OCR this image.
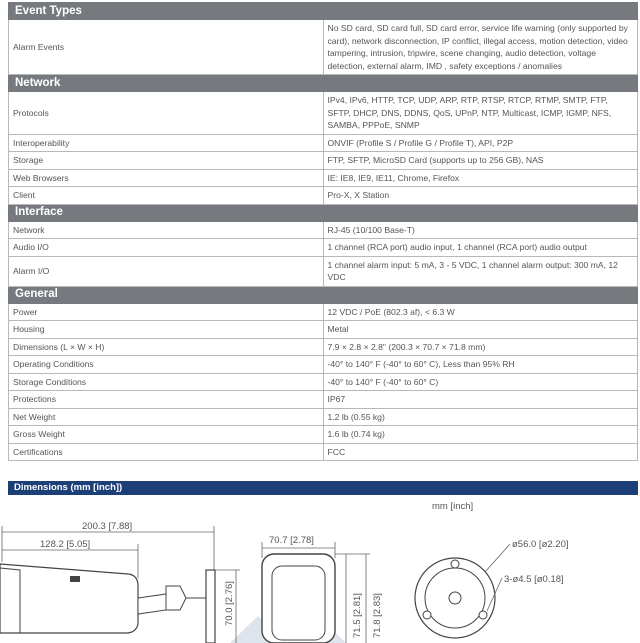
Event Types	
Alarm Events	No SD card, SD card full, SD card error, service life warning (only supported by card), network disconnection, IP conflict, illegal access, motion detection, video tampering, intrusion, tripwire, scene changing, audio detection, voltage detection, external alarm, IMD , safety exceptions / anomalies
Network	
Protocols	IPv4, IPv6, HTTP, TCP, UDP, ARP, RTP, RTSP, RTCP, RTMP, SMTP, FTP, SFTP, DHCP, DNS, DDNS, QoS, UPnP, NTP, Multicast, ICMP, IGMP, NFS, SAMBA, PPPoE, SNMP
Interoperability	ONVIF (Profile S / Profile G / Profile T), API, P2P
Storage	FTP, SFTP, MicroSD Card (supports up to 256 GB), NAS
Web Browsers	IE: IE8, IE9, IE11, Chrome, Firefox
Client	Pro-X, X Station
Interface	
Network	RJ-45 (10/100 Base-T)
Audio I/O	1 channel (RCA port) audio input, 1 channel (RCA port) audio output
Alarm I/O	1 channel alarm input: 5 mA, 3 - 5 VDC, 1 channel alarm output: 300 mA, 12 VDC
General	
Power	12 VDC / PoE (802.3 af), < 6.3 W
Housing	Metal
Dimensions (L × W × H)	7.9 × 2.8 × 2.8" (200.3 × 70.7 × 71.8 mm)
Operating Conditions	-40° to 140° F (-40° to 60° C), Less than 95% RH
Storage Conditions	-40° to 140° F (-40° to 60° C)
Protections	IP67
Net Weight	1.2 lb (0.55 kg)
Gross Weight	1.6 lb (0.74 kg)
Certifications	FCC
Dimensions (mm [inch])
mm [inch]
200.3 [7.88]
128.2 [5.05]
70.0 [2.76]
70.7 [2.78]
71.5 [2.81] 71.8 [2.83]
ø56.0 [ø2.20]
3-ø4.5 [ø0.18]
